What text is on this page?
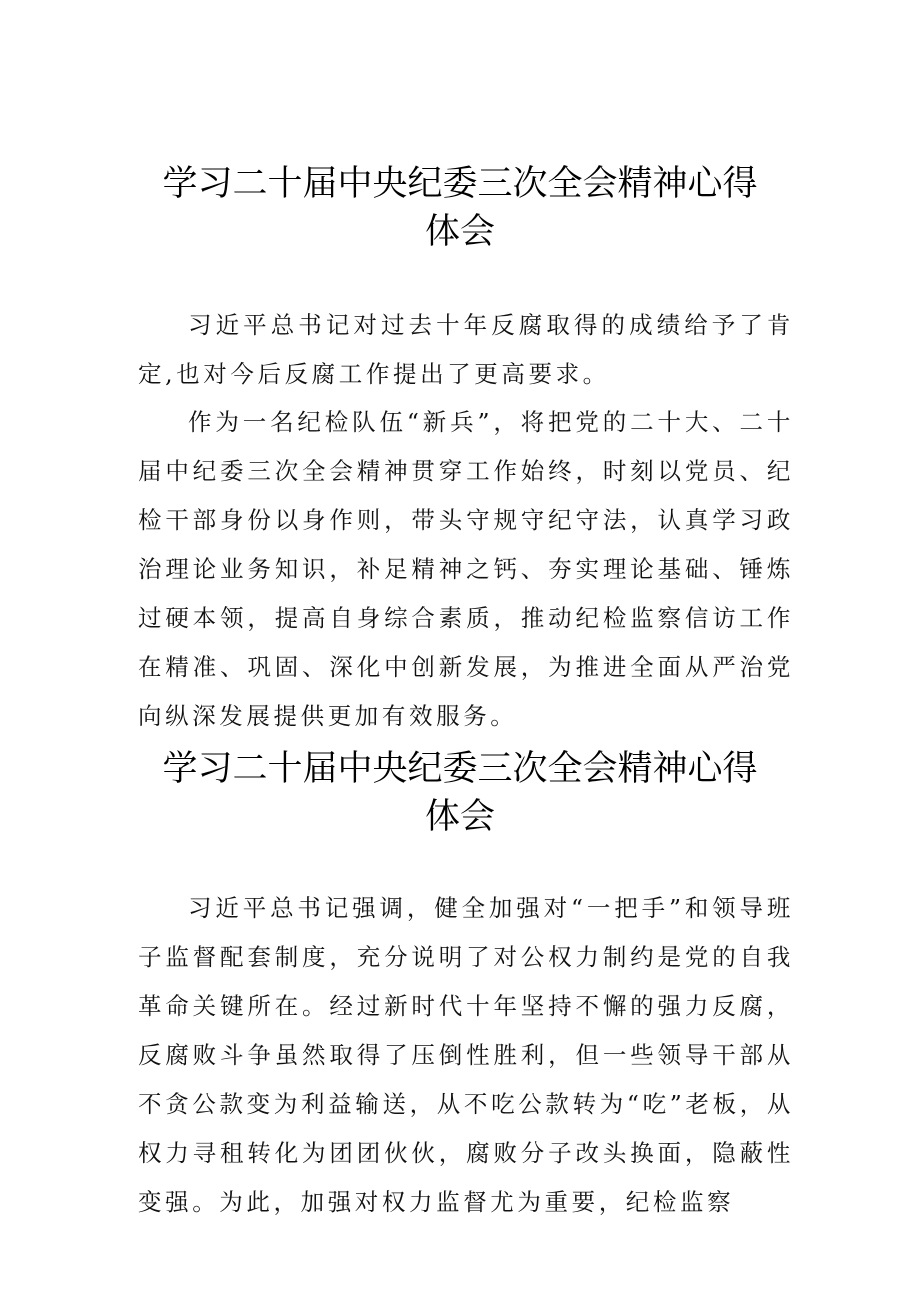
学习二十届中央纪委三次全会精神心得体会

习近平总书记对过去十年反腐取得的成绩给予了肯定,也对今后反腐工作提出了更高要求。

作为一名纪检队伍“新兵”，将把党的二十大、二十届中纪委三次全会精神贯穿工作始终，时刻以党员、纪检干部身份以身作则，带头守规守纪守法，认真学习政治理论业务知识，补足精神之钙、夯实理论基础、锤炼过硬本领，提高自身综合素质，推动纪检监察信访工作在精准、巩固、深化中创新发展，为推进全面从严治党向纵深发展提供更加有效服务。

学习二十届中央纪委三次全会精神心得体会

习近平总书记强调，健全加强对“一把手”和领导班子监督配套制度，充分说明了对公权力制约是党的自我革命关键所在。经过新时代十年坚持不懈的强力反腐，反腐败斗争虽然取得了压倒性胜利，但一些领导干部从不贪公款变为利益输送，从不吃公款转为“吃”老板，从权力寻租转化为团团伙伙，腐败分子改头换面，隐蔽性变强。为此，加强对权力监督尤为重要，纪检监察
